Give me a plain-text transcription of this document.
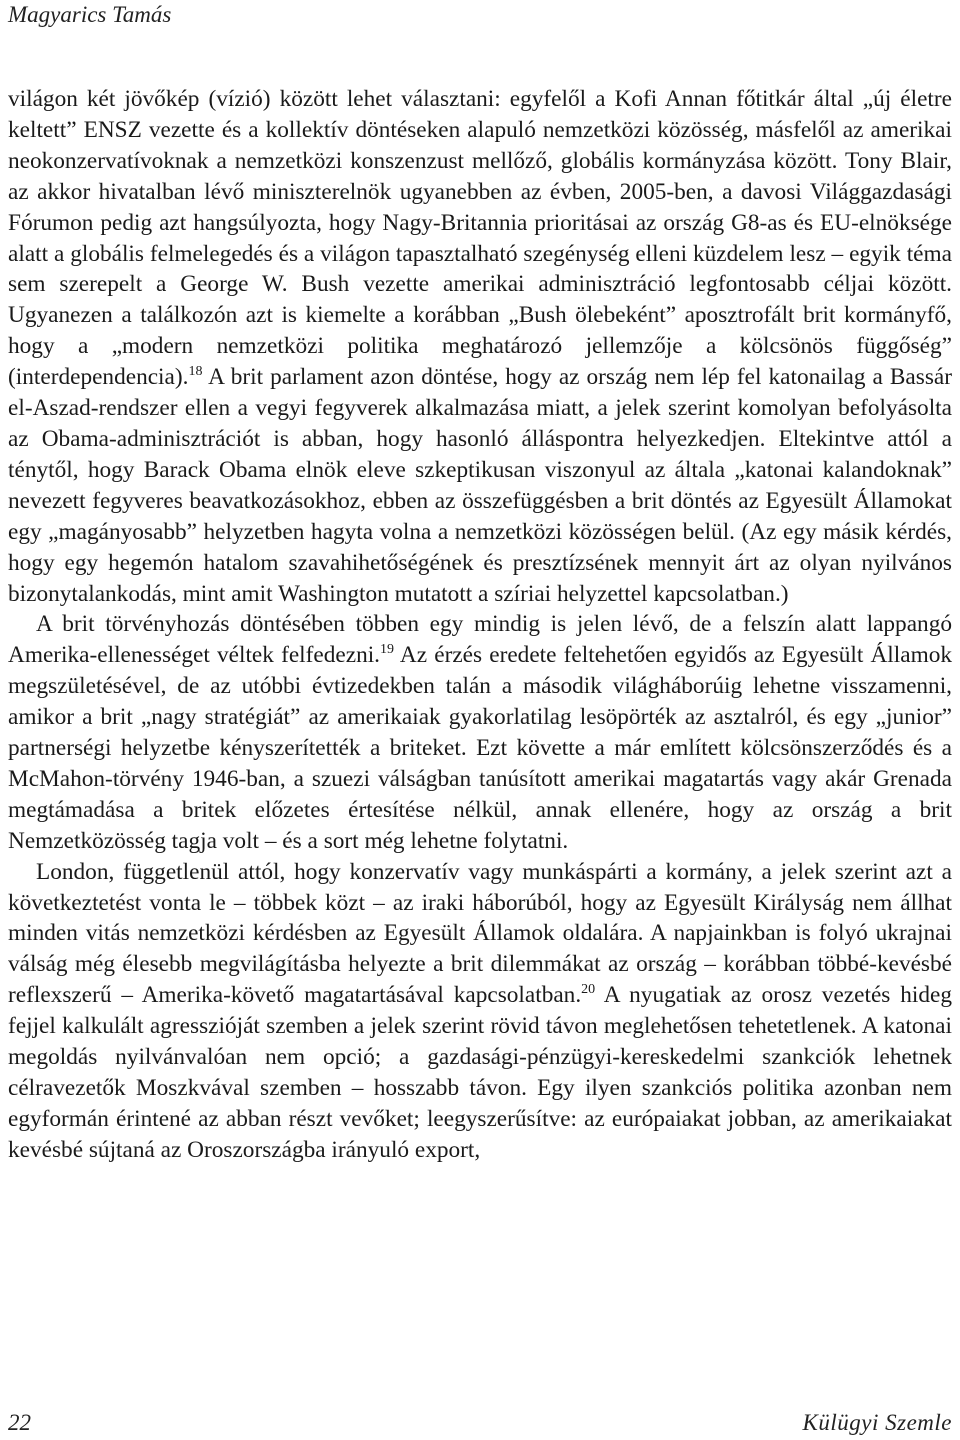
Magyarics Tamás

világon két jövőkép (vízió) között lehet választani: egyfelől a Kofi Annan főtitkár által „új életre keltett” ENSZ vezette és a kollektív döntéseken alapuló nemzetközi közösség, másfelől az amerikai neokonzervatívoknak a nemzetközi konszenzust mellőző, globális kormányzása között. Tony Blair, az akkor hivatalban lévő miniszterelnök ugyanebben az évben, 2005-ben, a davosi Világgazdasági Fórumon pedig azt hangsúlyozta, hogy Nagy-Britannia prioritásai az ország G8-as és EU-elnöksége alatt a globális felmelegedés és a világon tapasztalható szegénység elleni küzdelem lesz – egyik téma sem szerepelt a George W. Bush vezette amerikai adminisztráció legfontosabb céljai között. Ugyanezen a találkozón azt is kiemelte a korábban „Bush ölebeként” aposztrofált brit kormányfő, hogy a „modern nemzetközi politika meghatározó jellemzője a kölcsönös függőség” (interdependencia).$^{18}$ A brit parlament azon döntése, hogy az ország nem lép fel katonailag a Bassár el-Aszad-rendszer ellen a vegyi fegyverek alkalmazása miatt, a jelek szerint komolyan befolyásolta az Obama-adminisztrációt is abban, hogy hasonló álláspontra helyezkedjen. Eltekintve attól a ténytől, hogy Barack Obama elnök eleve szkeptikusan viszonyul az általa „katonai kalandoknak” nevezett fegyveres beavatkozásokhoz, ebben az összefüggésben a brit döntés az Egyesült Államokat egy „magányosabb” helyzetben hagyta volna a nemzetközi közösségen belül. (Az egy másik kérdés, hogy egy hegemón hatalom szavahihetőségének és presztízsének mennyit árt az olyan nyilvános bizonytalankodás, mint amit Washington mutatott a szíriai helyzettel kapcsolatban.)

A brit törvényhozás döntésében többen egy mindig is jelen lévő, de a felszín alatt lappangó Amerika-ellenességet véltek felfedezni.$^{19}$ Az érzés eredete feltehetően egyidős az Egyesült Államok megszületésével, de az utóbbi évtizedekben talán a második világháborúig lehetne visszamenni, amikor a brit „nagy stratégiát” az amerikaiak gyakorlatilag lesöpörték az asztalról, és egy „junior” partnerségi helyzetbe kényszerítették a briteket. Ezt követte a már említett kölcsönszerződés és a McMahon-törvény 1946-ban, a szuezi válságban tanúsított amerikai magatartás vagy akár Grenada megtámadása a britek előzetes értesítése nélkül, annak ellenére, hogy az ország a brit Nemzetközösség tagja volt – és a sort még lehetne folytatni.

London, függetlenül attól, hogy konzervatív vagy munkáspárti a kormány, a jelek szerint azt a következtetést vonta le – többek közt – az iraki háborúból, hogy az Egyesült Királyság nem állhat minden vitás nemzetközi kérdésben az Egyesült Államok oldalára. A napjainkban is folyó ukrajnai válság még élesebb megvilágításba helyezte a brit dilemmákat az ország – korábban többé-kevésbé reflexszerű – Amerika-követő magatartásával kapcsolatban.$^{20}$ A nyugatiak az orosz vezetés hideg fejjel kalkulált agresszióját szemben a jelek szerint rövid távon meglehetősen tehetetlenek. A katonai megoldás nyilvánvalóan nem opció; a gazdasági-pénzügyi-kereskedelmi szankciók lehetnek célravezetők Moszkvával szemben – hosszabb távon. Egy ilyen szankciós politika azonban nem egyformán érintené az abban részt vevőket; leegyszerűsítve: az európaiakat jobban, az amerikaiakat kevésbé sújtaná az Oroszországba irányuló export,

22	Külügyi Szemle
